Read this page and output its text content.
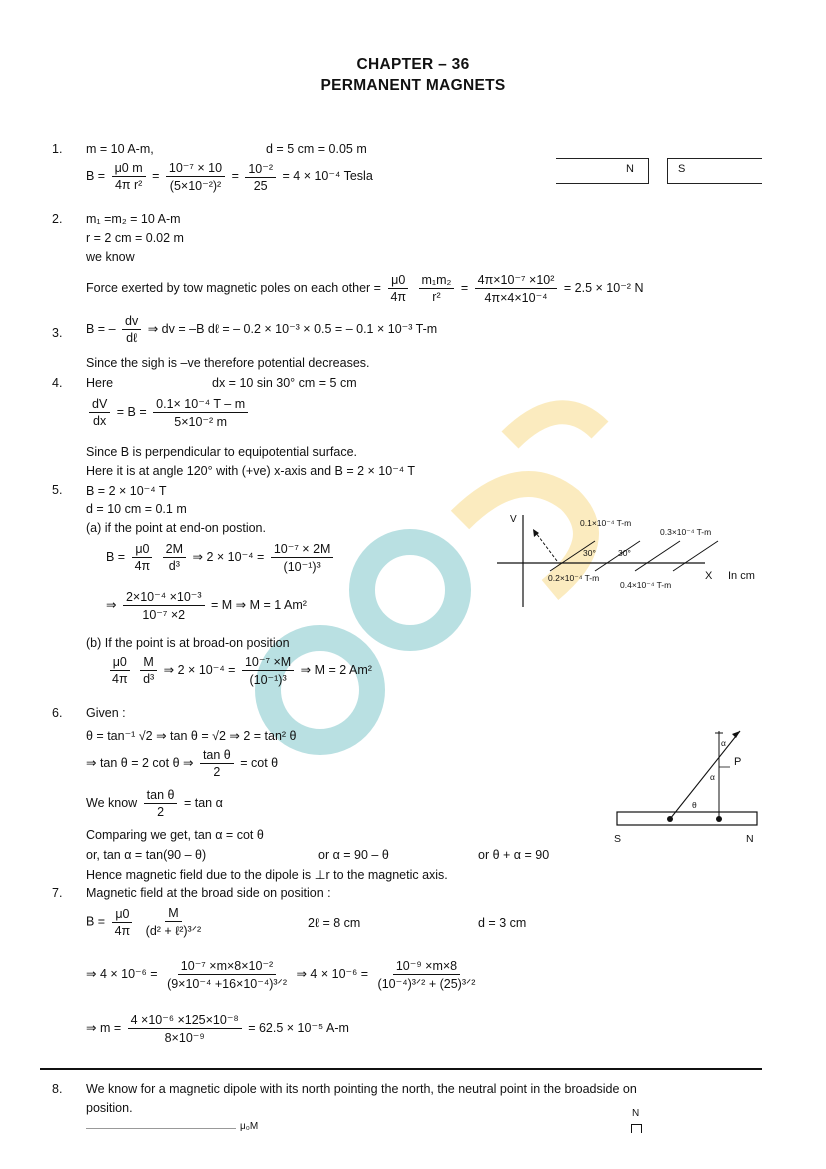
CHAPTER – 36
PERMANENT MAGNETS
1. m = 10 A-m,	d = 5 cm = 0.05 m
$B = \frac{\mu 0 m}{\text{4π r²}} = \frac{\text{10⁻⁷ × 10}}{\text{(5×10⁻²)²}} = \frac{\text{10⁻²}}{25} = 4 \times 10^{-4}$ Tesla	N	S
2. m₁ =m₂ = 10 A-m
r = 2 cm = 0.02 m
we know
Force exerted by tow magnetic poles on each other = $\frac{\mu 0}{4\pi}$
$\frac{\text{m₁m₂}}{\text{r²}} = \frac{\text{4π×10⁻⁷ ×10²}}{\text{4π×4×10⁻⁴}} = 2.5 \times 10^{-2}$ N
3. B = – $\frac{dv}{\text{dℓ}}$ ⇒ dv = –B dℓ = – 0.2 × 10⁻³ × 0.5 = – 0.1 × 10⁻³ T-m
Since the sigh is –ve therefore potential decreases.
4. Here	dx = 10 sin 30° cm = 5 cm
$\frac{dV}{dx} = B = \frac{\text{0.1× 10⁻⁴ T – m}}{\text{5×10⁻² m}}$
Since B is perpendicular to equipotential surface.
Here it is at angle 120° with (+ve) x-axis and B = 2 × 10⁻⁴ T
5. B = 2 × 10⁻⁴ T
d = 10 cm = 0.1 m
(a) if the point at end-on postion.
$B = \frac{\mu 0}{4\pi}$
$\frac{2M}{\text{d³}}$ ⇒ $2 \times 10^{-4} = \frac{\text{10⁻⁷ × 2M}}{\text{(10⁻¹)³}}$
⇒ $\frac{\text{2×10⁻⁴ ×10⁻³}}{\text{10⁻⁷ ×2}} = M$ ⇒ M = 1 Am²
(b) If the point is at broad-on position
$\frac{\mu 0}{4\pi}$
$\frac{M}{\text{d³}}$ ⇒ $2 \times 10^{-4} = \frac{\text{10⁻⁷ ×M}}{\text{(10⁻¹)³}}$ ⇒ M = 2 Am²
V
X In cm
0.1×10⁻⁴ T-m
0.3×10⁻⁴ T-m
0.2×10⁻⁴ T-m
0.4×10⁻⁴ T-m
30°	30°
6. Given :
θ = tan⁻¹ √2 ⇒ tan θ = √2 ⇒ 2 = tan² θ
⇒ tan θ = 2 cot θ ⇒ $\frac{\text{tan θ}}{2} = \cot \theta$
We know $\frac{\text{tan θ}}{2} = \tan \alpha$
Comparing we get, tan α = cot θ
or, tan α = tan(90 – θ)	or α = 90 – θ	or θ + α = 90
Hence magnetic field due to the dipole is ⊥r to the magnetic axis.
α
α
P
θ
S	N
7. Magnetic field at the broad side on position :
$B = \frac{\mu 0}{4\pi}$
$\frac{M}{\text{(d² + ℓ²)³ᐟ²}}$	2ℓ = 8 cm	d = 3 cm
⇒ $4 \times 10^{-6} = \frac{\text{10⁻⁷ ×m×8×10⁻²}}{\text{(9×10⁻⁴ +16×10⁻⁴)³ᐟ²}}$ ⇒ $4 \times 10^{-6} = \frac{\text{10⁻⁹ ×m×8}}{\text{(10⁻⁴)³ᐟ² + (25)³ᐟ²}}$
⇒ $m = \frac{\text{4 ×10⁻⁶ ×125×10⁻⁸}}{\text{8×10⁻⁹}} = 62.5 \times 10^{-5}$ A-m
8. We know for a magnetic dipole with its north pointing the north, the neutral point in the broadside on
position.	N
μ₀M
